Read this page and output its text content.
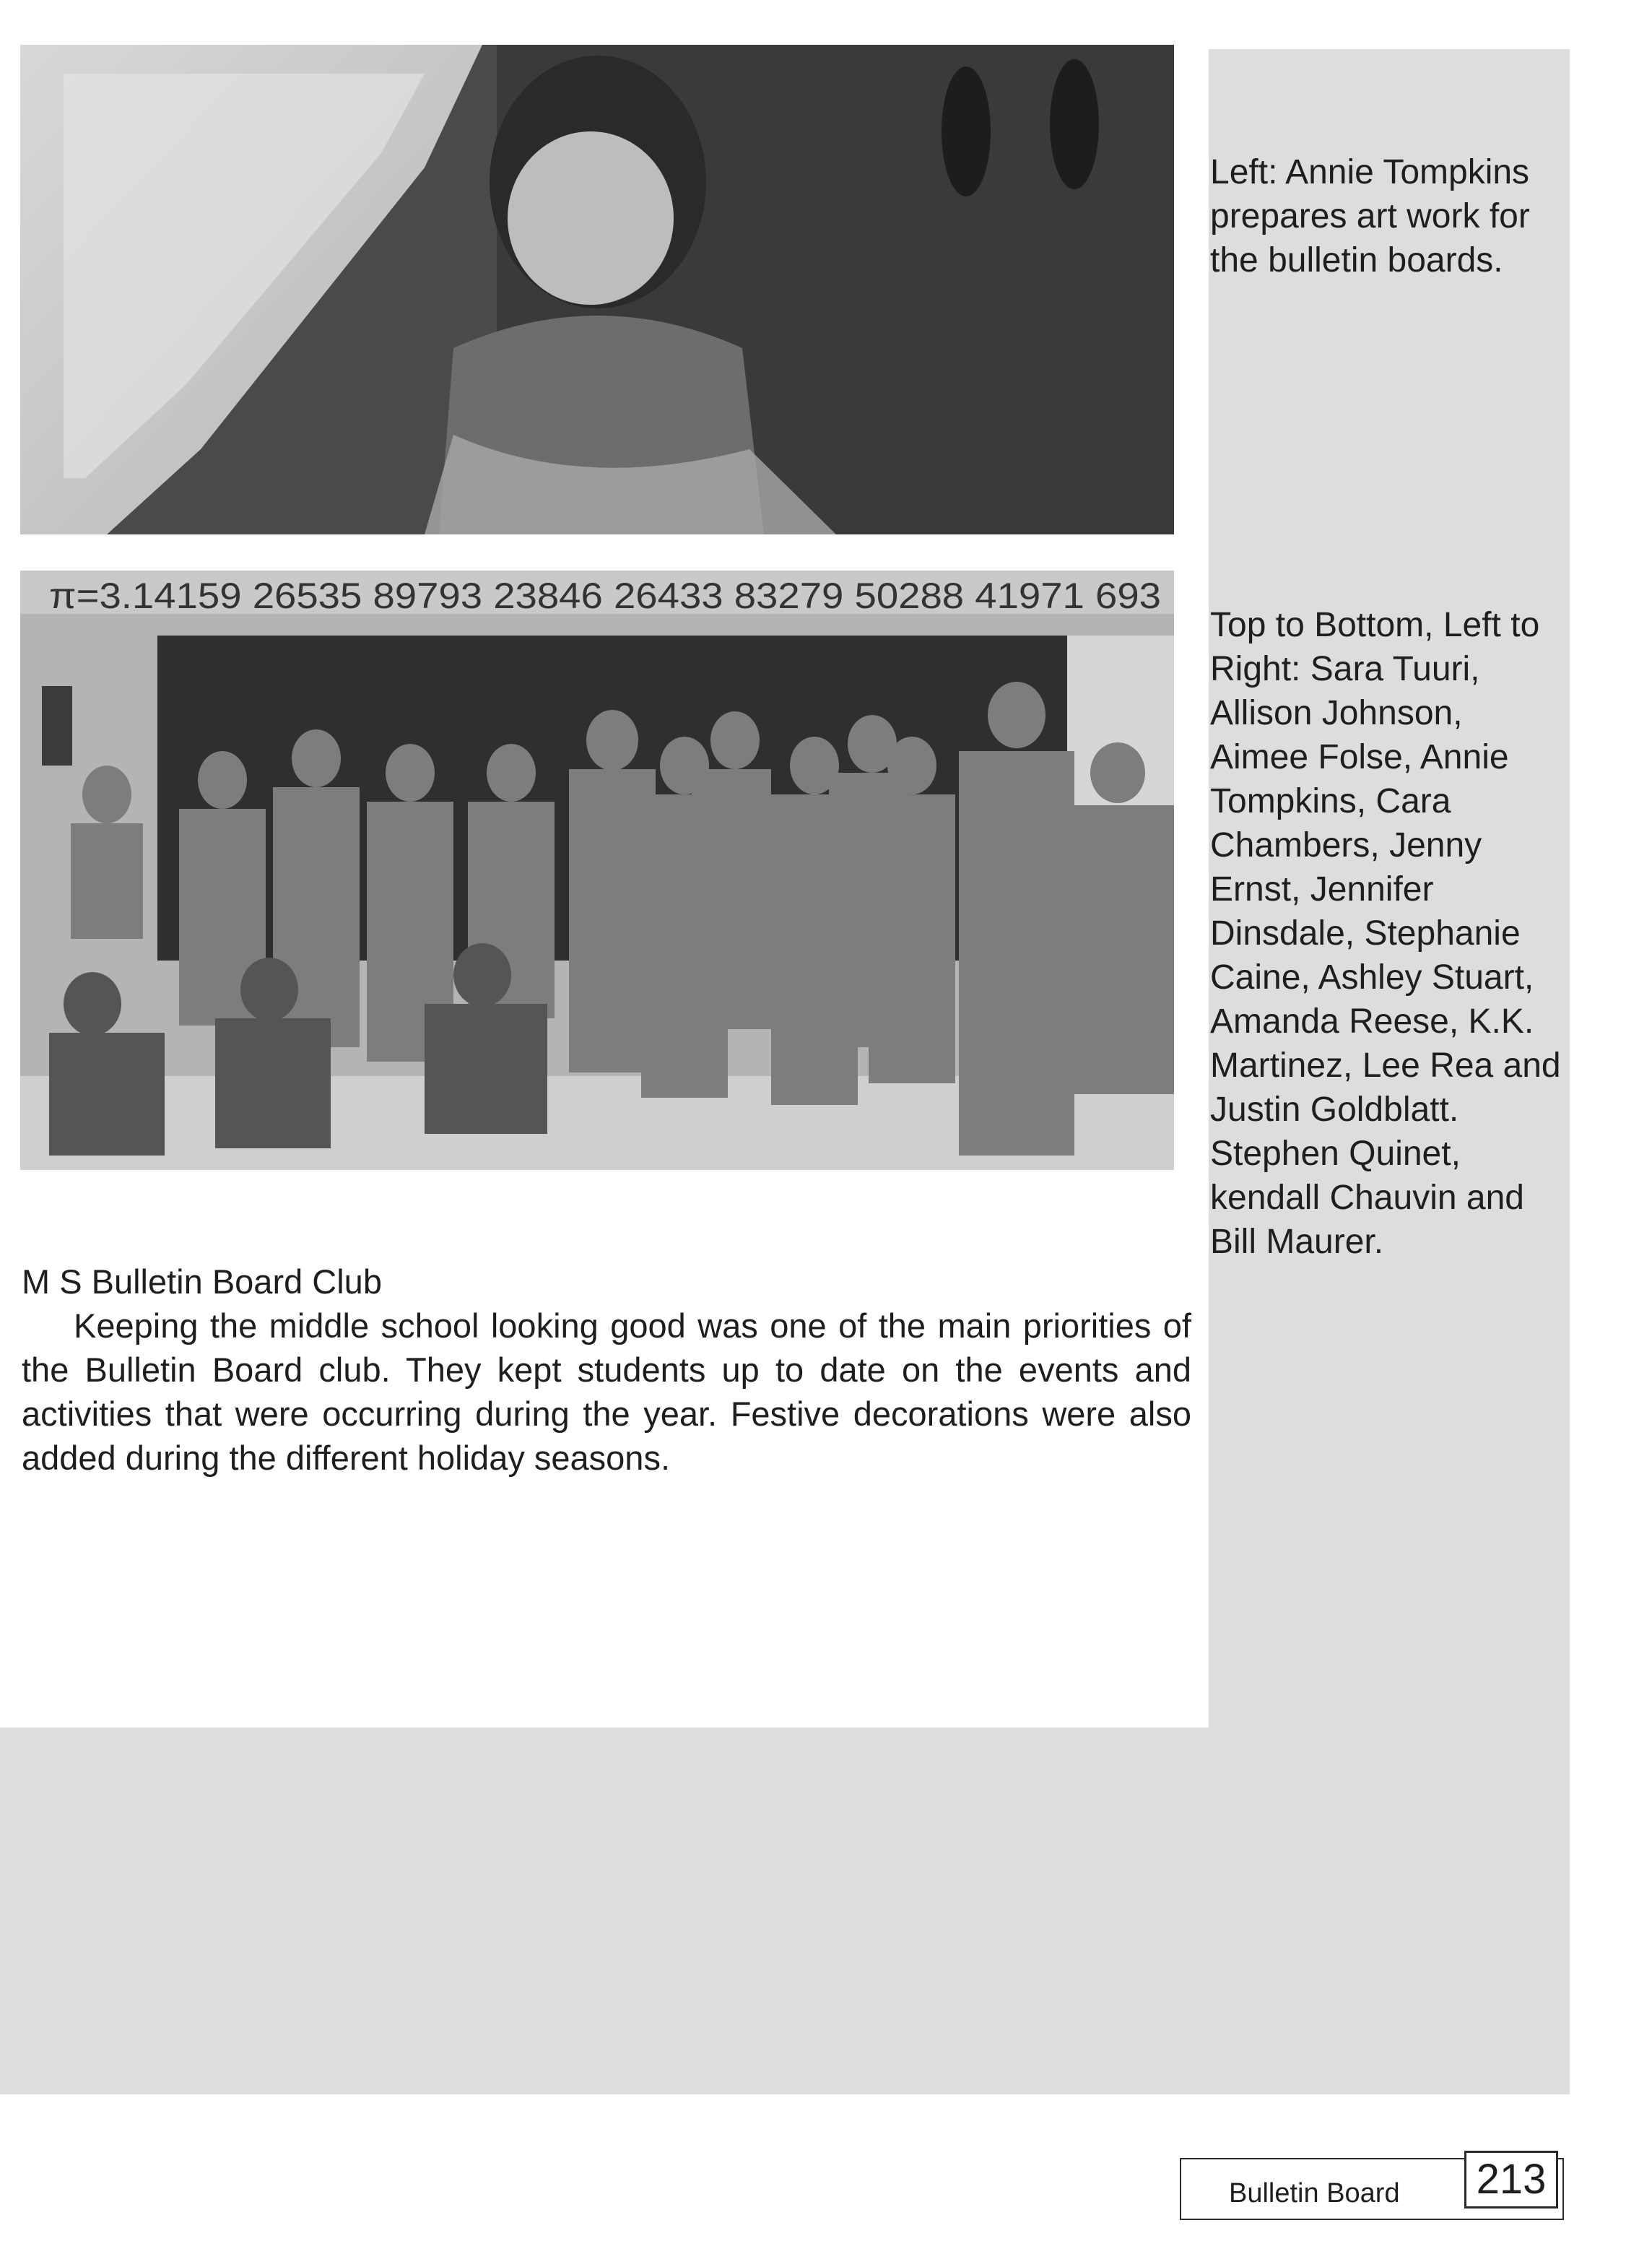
Left: Annie Tompkins prepares art work for the bulletin boards.
π=3.14159 26535 89793 23846 26433 83279 50288 41971 693
Top to Bottom, Left to Right: Sara Tuuri, Allison Johnson, Aimee Folse, Annie Tompkins, Cara Chambers, Jenny Ernst, Jennifer Dinsdale, Stephanie Caine, Ashley Stuart, Amanda Reese, K.K. Martinez, Lee Rea and Justin Goldblatt. Stephen Quinet, kendall Chauvin and Bill Maurer.

M S Bulletin Board Club

Keeping the middle school looking good was one of the main priorities of the Bulletin Board club. They kept students up to date on the events and activities that were occurring during the year. Festive decorations were also added during the different holiday seasons.

Bulletin Board 213
